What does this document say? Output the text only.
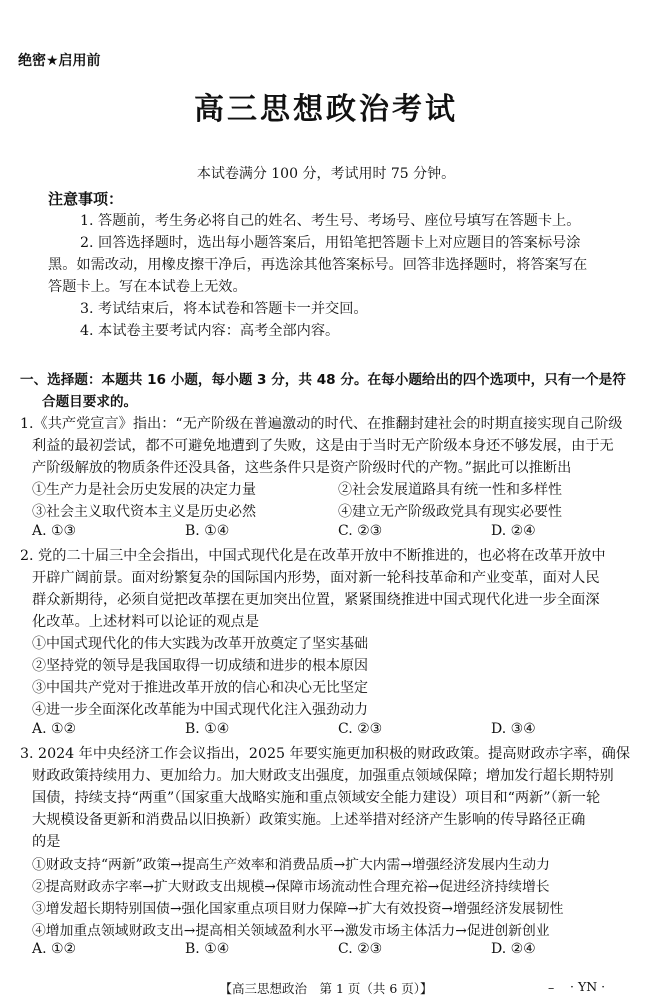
绝密★启用前
高三思想政治考试
本试卷满分 100 分，考试用时 75 分钟。
注意事项：
1. 答题前，考生务必将自己的姓名、考生号、考场号、座位号填写在答题卡上。
2. 回答选择题时，选出每小题答案后，用铅笔把答题卡上对应题目的答案标号涂
黑。如需改动，用橡皮擦干净后，再选涂其他答案标号。回答非选择题时，将答案写在
答题卡上。写在本试卷上无效。
3. 考试结束后，将本试卷和答题卡一并交回。
4. 本试卷主要考试内容：高考全部内容。
一、选择题：本题共 16 小题，每小题 3 分，共 48 分。在每小题给出的四个选项中，只有一个是符
合题目要求的。
1.《共产党宣言》指出：“无产阶级在普遍激动的时代、在推翻封建社会的时期直接实现自己阶级
利益的最初尝试，都不可避免地遭到了失败，这是由于当时无产阶级本身还不够发展，由于无
产阶级解放的物质条件还没具备，这些条件只是资产阶级时代的产物。”据此可以推断出
①生产力是社会历史发展的决定力量	②社会发展道路具有统一性和多样性
③社会主义取代资本主义是历史必然	④建立无产阶级政党具有现实必要性
A. ①③	B. ①④	C. ②③	D. ②④
2. 党的二十届三中全会指出，中国式现代化是在改革开放中不断推进的，也必将在改革开放中
开辟广阔前景。面对纷繁复杂的国际国内形势，面对新一轮科技革命和产业变革，面对人民
群众新期待，必须自觉把改革摆在更加突出位置，紧紧围绕推进中国式现代化进一步全面深
化改革。上述材料可以论证的观点是
①中国式现代化的伟大实践为改革开放奠定了坚实基础
②坚持党的领导是我国取得一切成绩和进步的根本原因
③中国共产党对于推进改革开放的信心和决心无比坚定
④进一步全面深化改革能为中国式现代化注入强劲动力
A. ①②	B. ①④	C. ②③	D. ③④
3. 2024 年中央经济工作会议指出，2025 年要实施更加积极的财政政策。提高财政赤字率，确保
财政政策持续用力、更加给力。加大财政支出强度，加强重点领域保障；增加发行超长期特别
国债，持续支持“两重”（国家重大战略实施和重点领域安全能力建设）项目和“两新”（新一轮
大规模设备更新和消费品以旧换新）政策实施。上述举措对经济产生影响的传导路径正确
的是
①财政支持“两新”政策→提高生产效率和消费品质→扩大内需→增强经济发展内生动力
②提高财政赤字率→扩大财政支出规模→保障市场流动性合理充裕→促进经济持续增长
③增发超长期特别国债→强化国家重点项目财力保障→扩大有效投资→增强经济发展韧性
④增加重点领域财政支出→提高相关领域盈利水平→激发市场主体活力→促进创新创业
A. ①②	B. ①④	C. ②③	D. ②④
【高三思想政治　第 1 页（共 6 页）】	– · YN ·
